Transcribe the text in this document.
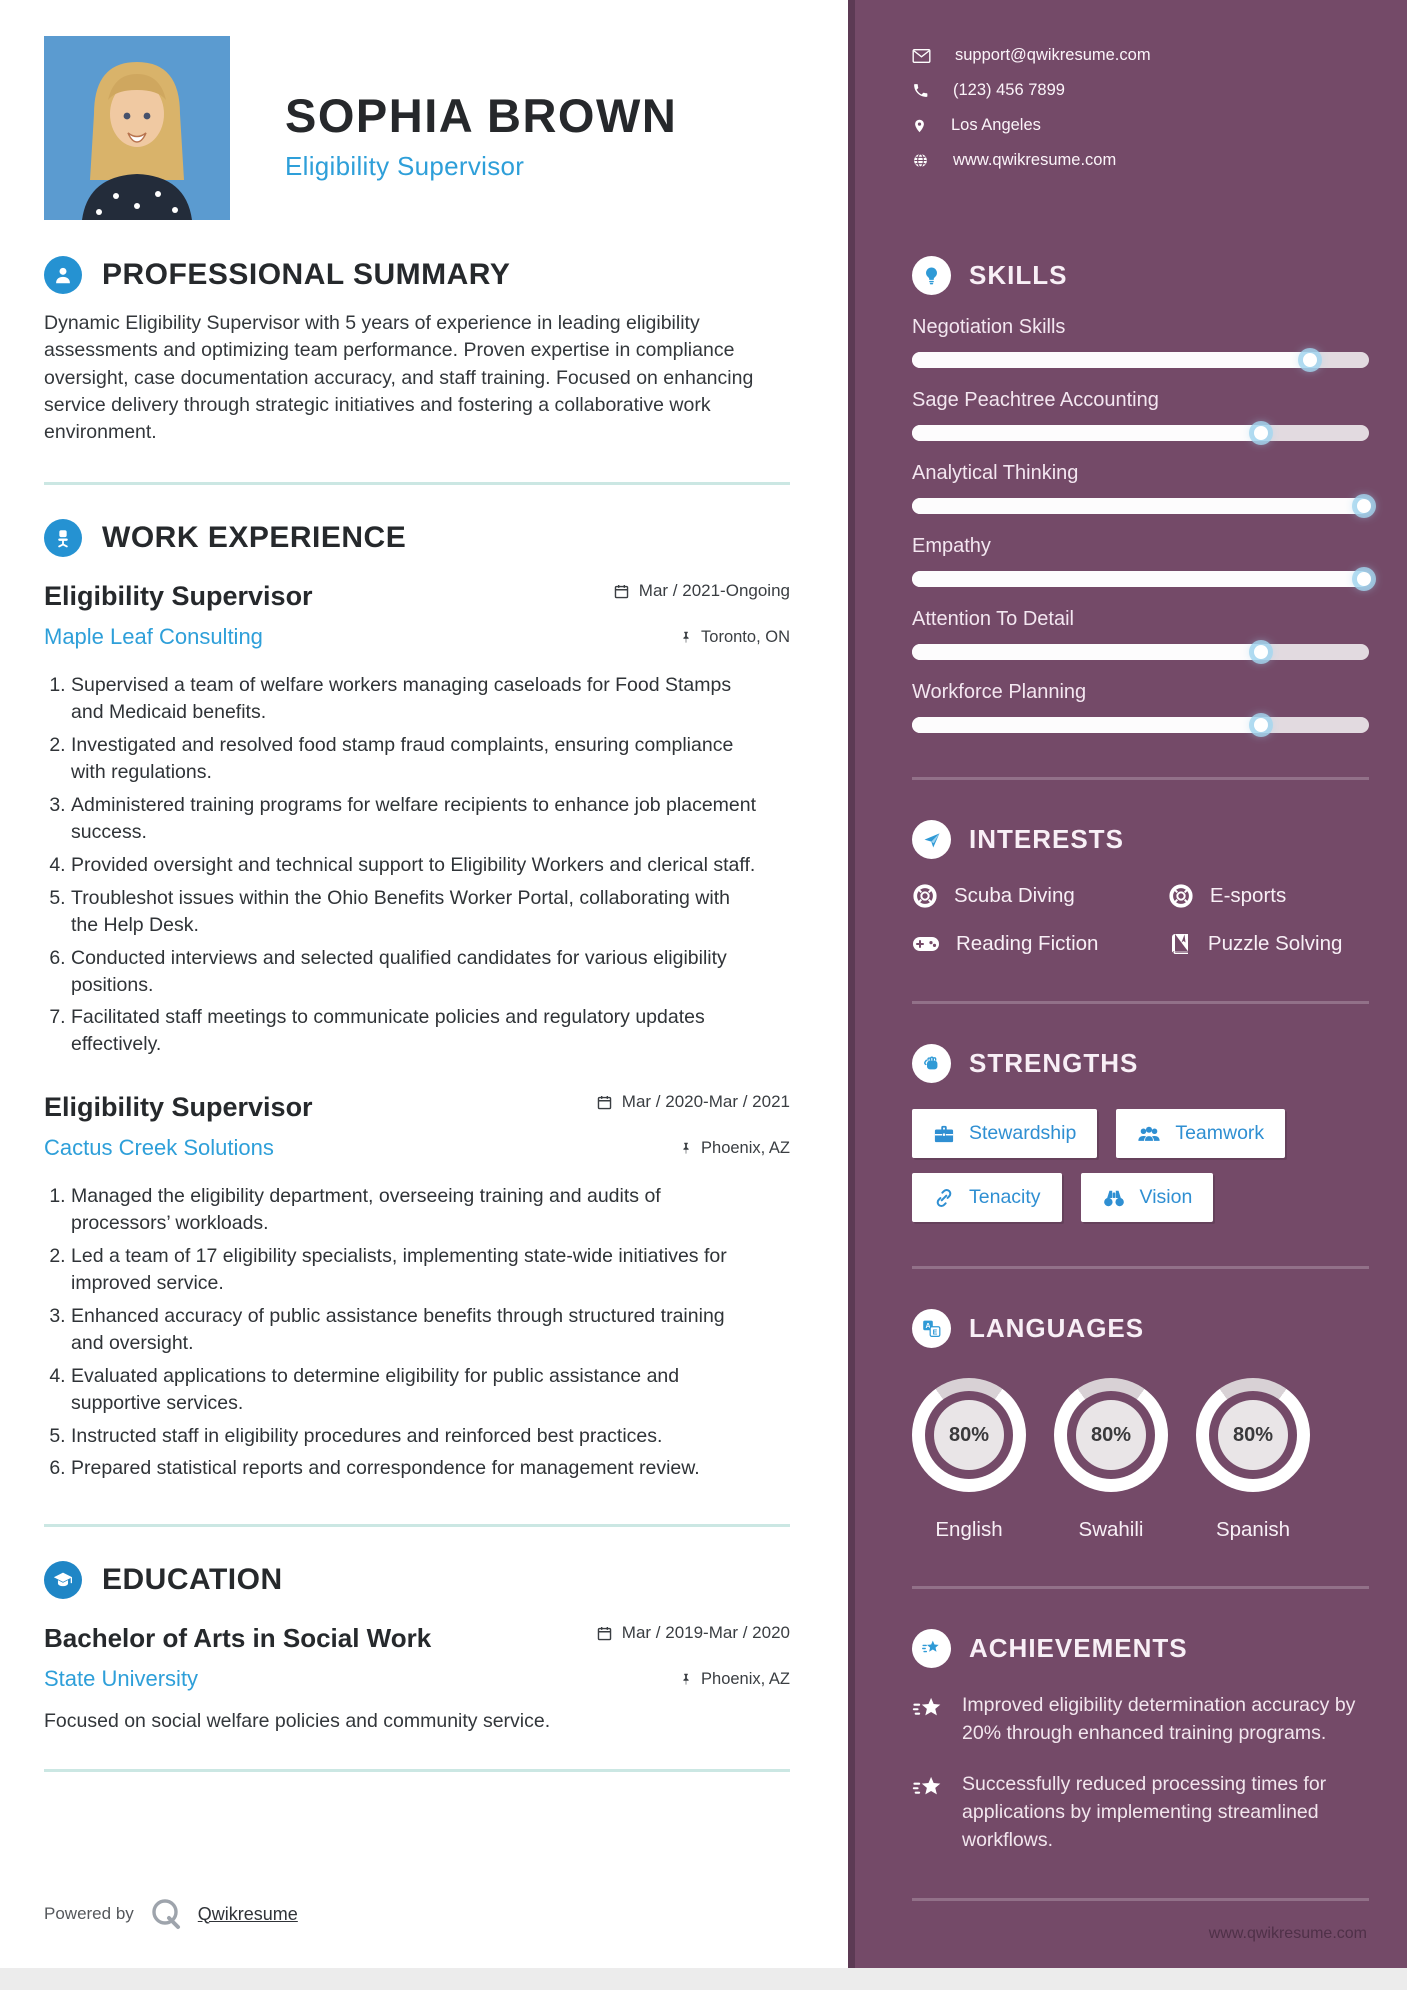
SOPHIA BROWN
Eligibility Supervisor
PROFESSIONAL SUMMARY

Dynamic Eligibility Supervisor with 5 years of experience in leading eligibility assessments and optimizing team performance. Proven expertise in compliance oversight, case documentation accuracy, and staff training. Focused on enhancing service delivery through strategic initiatives and fostering a collaborative work environment.

WORK EXPERIENCE
Eligibility Supervisor	Mar / 2021-Ongoing
Maple Leaf Consulting	Toronto, ON
1. Supervised a team of welfare workers managing caseloads for Food Stamps and Medicaid benefits.
2. Investigated and resolved food stamp fraud complaints, ensuring compliance with regulations.
3. Administered training programs for welfare recipients to enhance job placement success.
4. Provided oversight and technical support to Eligibility Workers and clerical staff.
5. Troubleshot issues within the Ohio Benefits Worker Portal, collaborating with the Help Desk.
6. Conducted interviews and selected qualified candidates for various eligibility positions.
7. Facilitated staff meetings to communicate policies and regulatory updates effectively.
Eligibility Supervisor	Mar / 2020-Mar / 2021
Cactus Creek Solutions	Phoenix, AZ
1. Managed the eligibility department, overseeing training and audits of processors’ workloads.
2. Led a team of 17 eligibility specialists, implementing state-wide initiatives for improved service.
3. Enhanced accuracy of public assistance benefits through structured training and oversight.
4. Evaluated applications to determine eligibility for public assistance and supportive services.
5. Instructed staff in eligibility procedures and reinforced best practices.
6. Prepared statistical reports and correspondence for management review.
EDUCATION
Bachelor of Arts in Social Work	Mar / 2019-Mar / 2020
State University	Phoenix, AZ

Focused on social welfare policies and community service.

Powered by	Qwikresume
support@qwikresume.com
(123) 456 7899
Los Angeles
www.qwikresume.com
SKILLS
Negotiation Skills
Sage Peachtree Accounting
Analytical Thinking
Empathy
Attention To Detail
Workforce Planning
INTERESTS
Scuba Diving	E-sports
Reading Fiction	Puzzle Solving
STRENGTHS
Stewardship	Teamwork
Tenacity	Vision
A
E LANGUAGES
80%
English
80%
Swahili
80%
Spanish
ACHIEVEMENTS
Improved eligibility determination accuracy by 20% through enhanced training programs.
Successfully reduced processing times for applications by implementing streamlined workflows.
www.qwikresume.com
